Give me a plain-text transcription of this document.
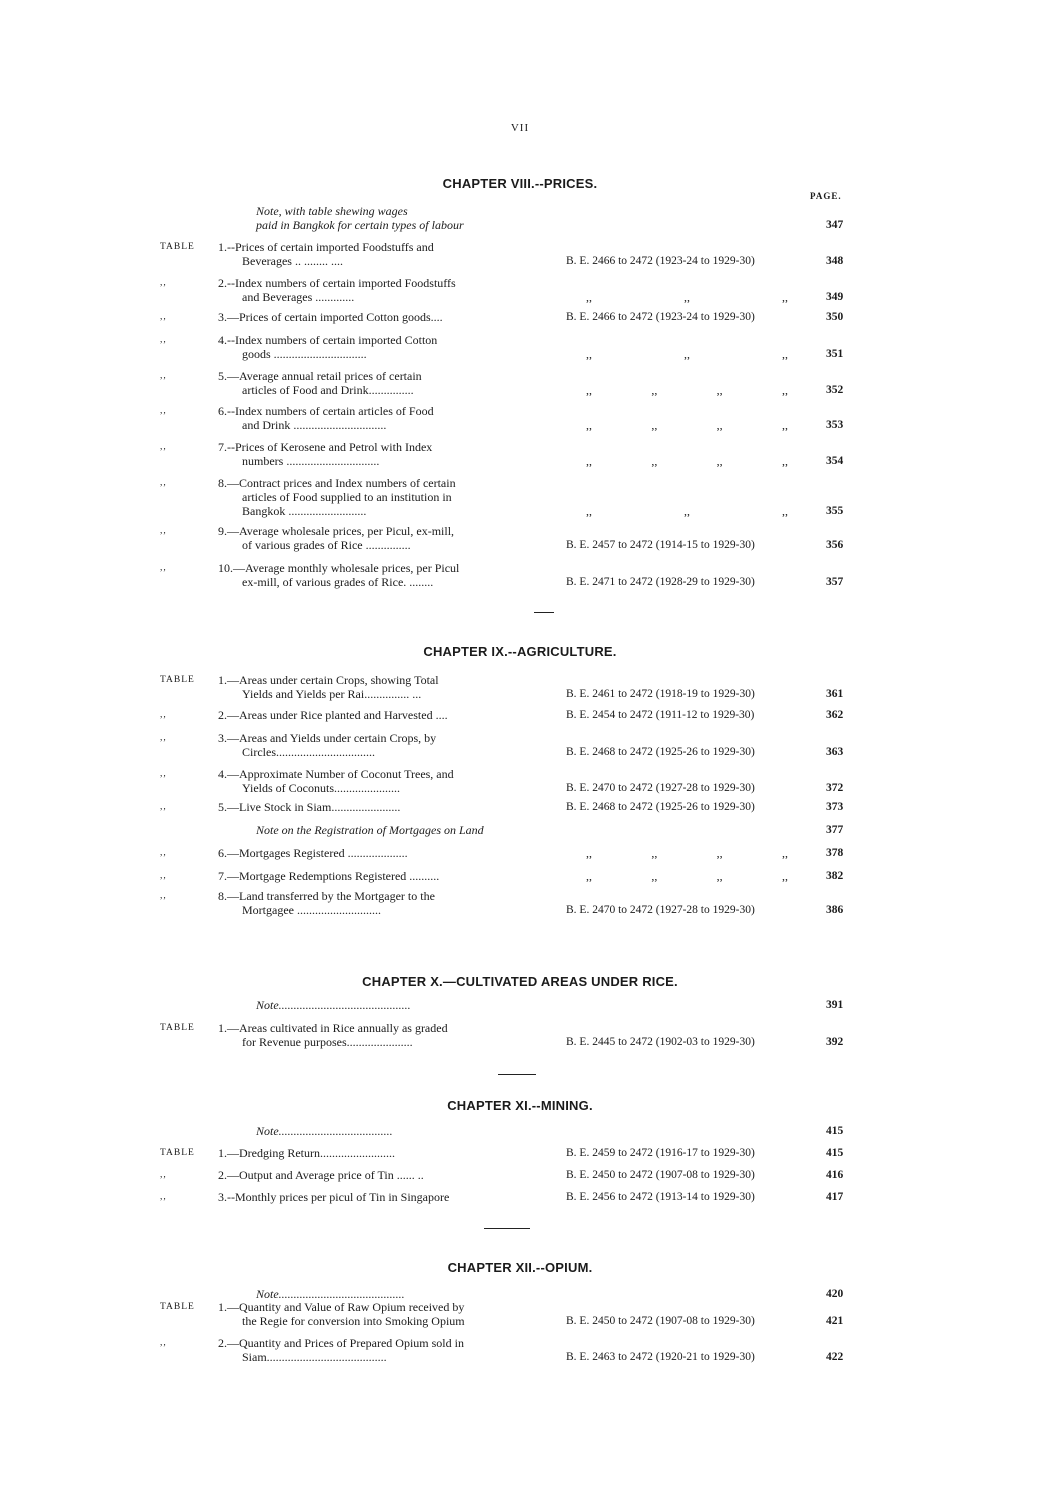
VII
PAGE.
CHAPTER VIII.--PRICES.
Note, with table shewing wages
paid in Bangkok for certain types of labour	347
TABLE	1.--Prices of certain imported Foodstuffs and
Beverages .. ........ ....	B. E. 2466 to 2472 (1923-24 to 1929-30)	348
,,	2.--Index numbers of certain imported Foodstuffs
and Beverages .............	,,	,,	,,	349
,,	3.—Prices of certain imported Cotton goods....	B. E. 2466 to 2472 (1923-24 to 1929-30)	350
,,	4.--Index numbers of certain imported Cotton
goods ...............................	,,	,,	,,	351
,,	5.—Average annual retail prices of certain
articles of Food and Drink...............	,,	,,	,,	,,	352
,,	6.--Index numbers of certain articles of Food
and Drink ...............................	,,	,,	,,	,,	353
,,	7.--Prices of Kerosene and Petrol with Index
numbers ...............................	,,	,,	,,	,,	354
,,	8.—Contract prices and Index numbers of certain
articles of Food supplied to an institution in
Bangkok ..........................	,,	,,	,,	355
,,	9.—Average wholesale prices, per Picul, ex-mill,
of various grades of Rice ...............	B. E. 2457 to 2472 (1914-15 to 1929-30)	356
,,	10.—Average monthly wholesale prices, per Picul
ex-mill, of various grades of Rice. ........	B. E. 2471 to 2472 (1928-29 to 1929-30)	357
CHAPTER IX.--AGRICULTURE.
TABLE	1.—Areas under certain Crops, showing Total
Yields and Yields per Rai............... ...	B. E. 2461 to 2472 (1918-19 to 1929-30)	361
,,	2.—Areas under Rice planted and Harvested ....	B. E. 2454 to 2472 (1911-12 to 1929-30)	362
,,	3.—Areas and Yields under certain Crops, by
Circles.................................	B. E. 2468 to 2472 (1925-26 to 1929-30)	363
,,	4.—Approximate Number of Coconut Trees, and
Yields of Coconuts......................	B. E. 2470 to 2472 (1927-28 to 1929-30)	372
,,	5.—Live Stock in Siam.......................	B. E. 2468 to 2472 (1925-26 to 1929-30)	373
Note on the Registration of Mortgages on Land	377
,,	6.—Mortgages Registered ....................	,,	,,	,,	,,	378
,,	7.—Mortgage Redemptions Registered ..........	,,	,,	,,	,,	382
,,	8.—Land transferred by the Mortgager to the
Mortgagee ............................	B. E. 2470 to 2472 (1927-28 to 1929-30)	386
CHAPTER X.—CULTIVATED AREAS UNDER RICE.
Note............................................	391
TABLE	1.—Areas cultivated in Rice annually as graded
for Revenue purposes......................	B. E. 2445 to 2472 (1902-03 to 1929-30)	392
CHAPTER XI.--MINING.
Note......................................	415
TABLE	1.—Dredging Return.........................	B. E. 2459 to 2472 (1916-17 to 1929-30)	415
,,	2.—Output and Average price of Tin ...... ..	B. E. 2450 to 2472 (1907-08 to 1929-30)	416
,,	3.--Monthly prices per picul of Tin in Singapore	B. E. 2456 to 2472 (1913-14 to 1929-30)	417
CHAPTER XII.--OPIUM.
Note..........................................	420
TABLE	1.—Quantity and Value of Raw Opium received by
the Regie for conversion into Smoking Opium	B. E. 2450 to 2472 (1907-08 to 1929-30)	421
,,	2.—Quantity and Prices of Prepared Opium sold in
Siam........................................	B. E. 2463 to 2472 (1920-21 to 1929-30)	422
